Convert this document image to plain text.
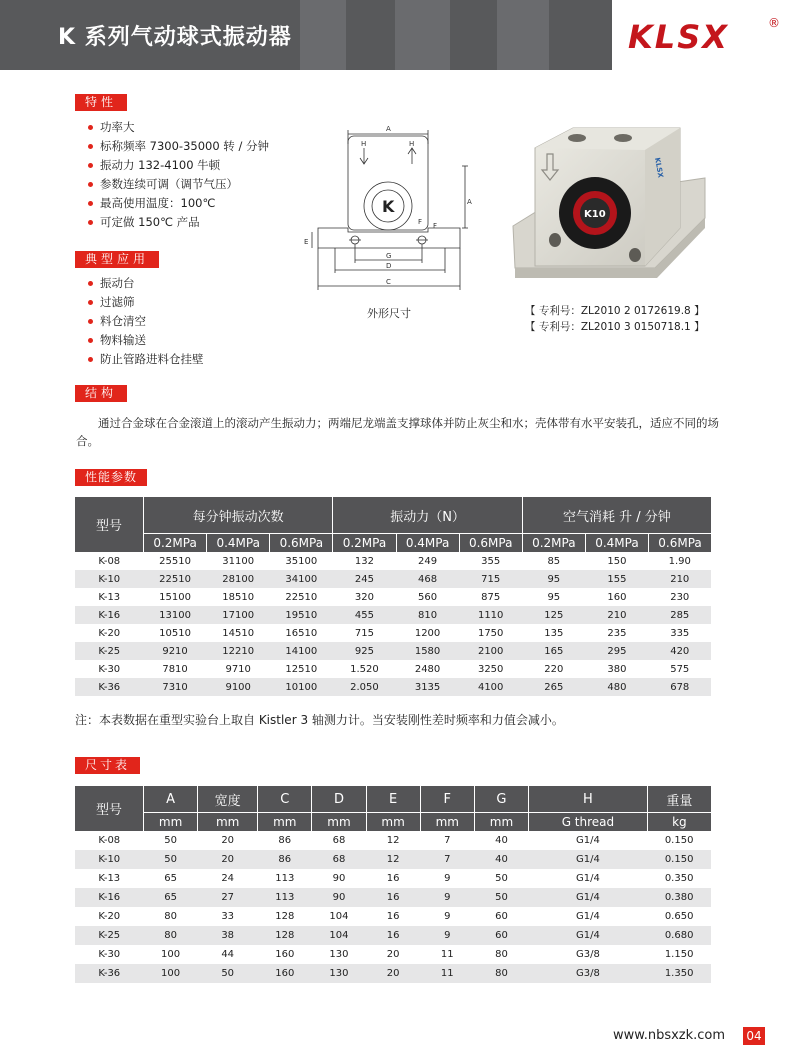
K 系列气动球式振动器	KLSX	®
特性
功率大
标称频率 7300-35000 转 / 分钟
振动力 132-4100 牛顿
参数连续可调（调节气压）
最高使用温度：100℃
可定做 150℃ 产品
典型应用
振动台
过滤筛
料仓清空
物料输送
防止管路进料仓挂壁
A
H	H
A
E
F F
G
D
C
K
外形尺寸
K10
KLSX
【 专利号：ZL2010 2 0172619.8 】
【 专利号：ZL2010 3 0150718.1 】
结构
通过合金球在合金滚道上的滚动产生振动力；两端尼龙端盖支撑球体并防止灰尘和水；壳体带有水平安装孔，适应不同的场合。
性能参数
型号	每分钟振动次数			振动力（N）			空气消耗 升 / 分钟		
	0.2MPa	0.4MPa	0.6MPa	0.2MPa	0.4MPa	0.6MPa	0.2MPa	0.4MPa	0.6MPa
K-08	25510	31100	35100	132	249	355	85	150	1.90
K-10	22510	28100	34100	245	468	715	95	155	210
K-13	15100	18510	22510	320	560	875	95	160	230
K-16	13100	17100	19510	455	810	1110	125	210	285
K-20	10510	14510	16510	715	1200	1750	135	235	335
K-25	9210	12210	14100	925	1580	2100	165	295	420
K-30	7810	9710	12510	1.520	2480	3250	220	380	575
K-36	7310	9100	10100	2.050	3135	4100	265	480	678
注：本表数据在重型实验台上取自 Kistler 3 轴测力计。当安装刚性差时频率和力值会减小。
尺寸表
型号	A	宽度	C	D	E	F	G	H	重量
	mm	mm	mm	mm	mm	mm	mm	G thread	kg
K-08	50	20	86	68	12	7	40	G1/4	0.150
K-10	50	20	86	68	12	7	40	G1/4	0.150
K-13	65	24	113	90	16	9	50	G1/4	0.350
K-16	65	27	113	90	16	9	50	G1/4	0.380
K-20	80	33	128	104	16	9	60	G1/4	0.650
K-25	80	38	128	104	16	9	60	G1/4	0.680
K-30	100	44	160	130	20	11	80	G3/8	1.150
K-36	100	50	160	130	20	11	80	G3/8	1.350
www.nbsxzk.com 04
